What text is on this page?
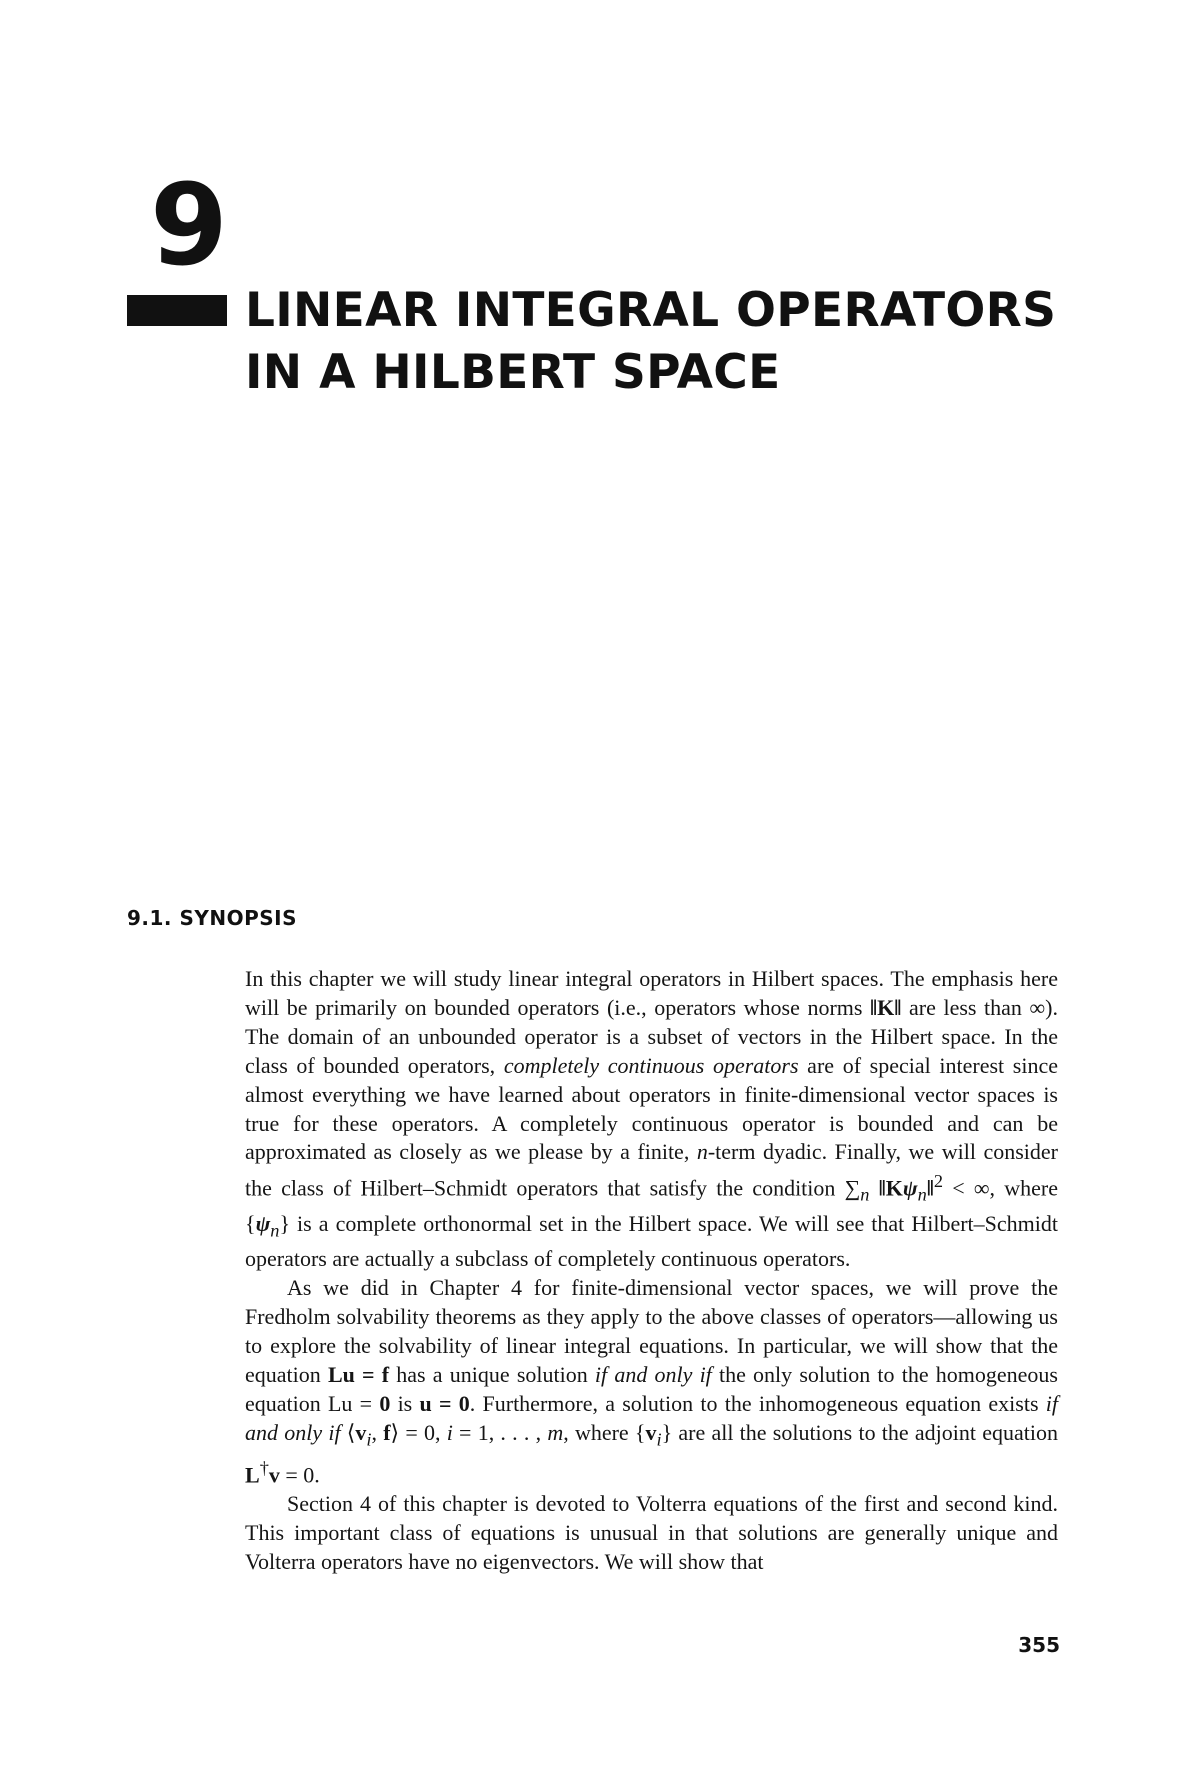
9
LINEAR INTEGRAL OPERATORS
IN A HILBERT SPACE
9.1. SYNOPSIS

In this chapter we will study linear integral operators in Hilbert spaces. The emphasis here will be primarily on bounded operators (i.e., operators whose norms ‖K‖ are less than ∞). The domain of an unbounded operator is a subset of vectors in the Hilbert space. In the class of bounded operators, completely continuous operators are of special interest since almost everything we have learned about operators in finite-dimensional vector spaces is true for these operators. A completely continuous operator is bounded and can be approximated as closely as we please by a finite, n-term dyadic. Finally, we will consider the class of Hilbert–Schmidt operators that satisfy the condition $\sum_n$ $‖K\psi_n‖^2$ < ∞, where $\{\psi_n\}$ is a complete orthonormal set in the Hilbert space. We will see that Hilbert–Schmidt operators are actually a subclass of completely continuous operators.

As we did in Chapter 4 for finite-dimensional vector spaces, we will prove the Fredholm solvability theorems as they apply to the above classes of operators—allowing us to explore the solvability of linear integral equations. In particular, we will show that the equation Lu = f has a unique solution if and only if the only solution to the homogeneous equation Lu = 0 is u = 0. Furthermore, a solution to the inhomogeneous equation exists if and only if $⟨v_i$, f⟩ = 0, i = 1, . . . , m, where $\{v_i\}$ are all the solutions to the adjoint equation L†v = 0.

Section 4 of this chapter is devoted to Volterra equations of the first and second kind. This important class of equations is unusual in that solutions are generally unique and Volterra operators have no eigenvectors. We will show that

355
